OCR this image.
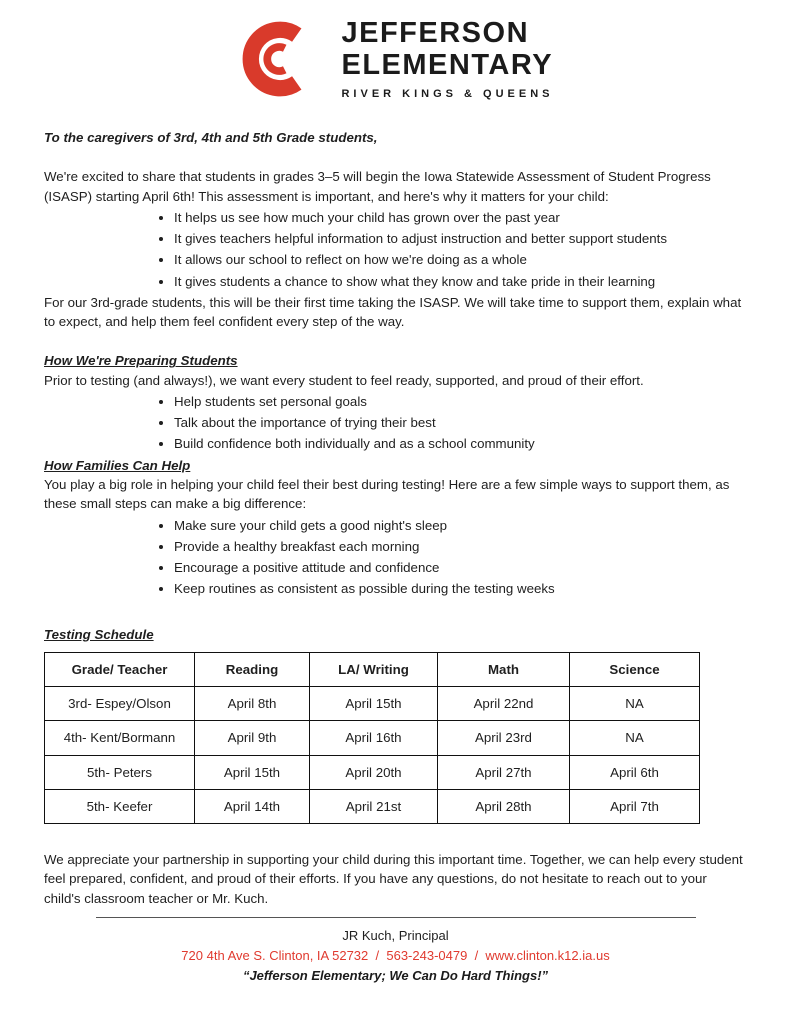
JEFFERSON
ELEMENTARY
RIVER KINGS & QUEENS
To the caregivers of 3rd, 4th and 5th Grade students,

We're excited to share that students in grades 3–5 will begin the Iowa Statewide Assessment of Student Progress (ISASP) starting April 6th! This assessment is important, and here's why it matters for your child:

• It helps us see how much your child has grown over the past year
• It gives teachers helpful information to adjust instruction and better support students
• It allows our school to reflect on how we're doing as a whole
• It gives students a chance to show what they know and take pride in their learning

For our 3rd-grade students, this will be their first time taking the ISASP. We will take time to support them, explain what to expect, and help them feel confident every step of the way.

How We're Preparing Students

Prior to testing (and always!), we want every student to feel ready, supported, and proud of their effort.

• Help students set personal goals
• Talk about the importance of trying their best
• Build confidence both individually and as a school community
How Families Can Help

You play a big role in helping your child feel their best during testing! Here are a few simple ways to support them, as these small steps can make a big difference:

• Make sure your child gets a good night's sleep
• Provide a healthy breakfast each morning
• Encourage a positive attitude and confidence
• Keep routines as consistent as possible during the testing weeks
Testing Schedule
Grade/ Teacher	Reading	LA/ Writing	Math	Science
3rd- Espey/Olson	April 8th	April 15th	April 22nd	NA
4th- Kent/Bormann	April 9th	April 16th	April 23rd	NA
5th- Peters	April 15th	April 20th	April 27th	April 6th
5th- Keefer	April 14th	April 21st	April 28th	April 7th

We appreciate your partnership in supporting your child during this important time. Together, we can help every student feel prepared, confident, and proud of their efforts. If you have any questions, do not hesitate to reach out to your child's classroom teacher or Mr. Kuch.

JR Kuch, Principal
720 4th Ave S. Clinton, IA 52732 / 563-243-0479 / www.clinton.k12.ia.us
“Jefferson Elementary; We Can Do Hard Things!”
